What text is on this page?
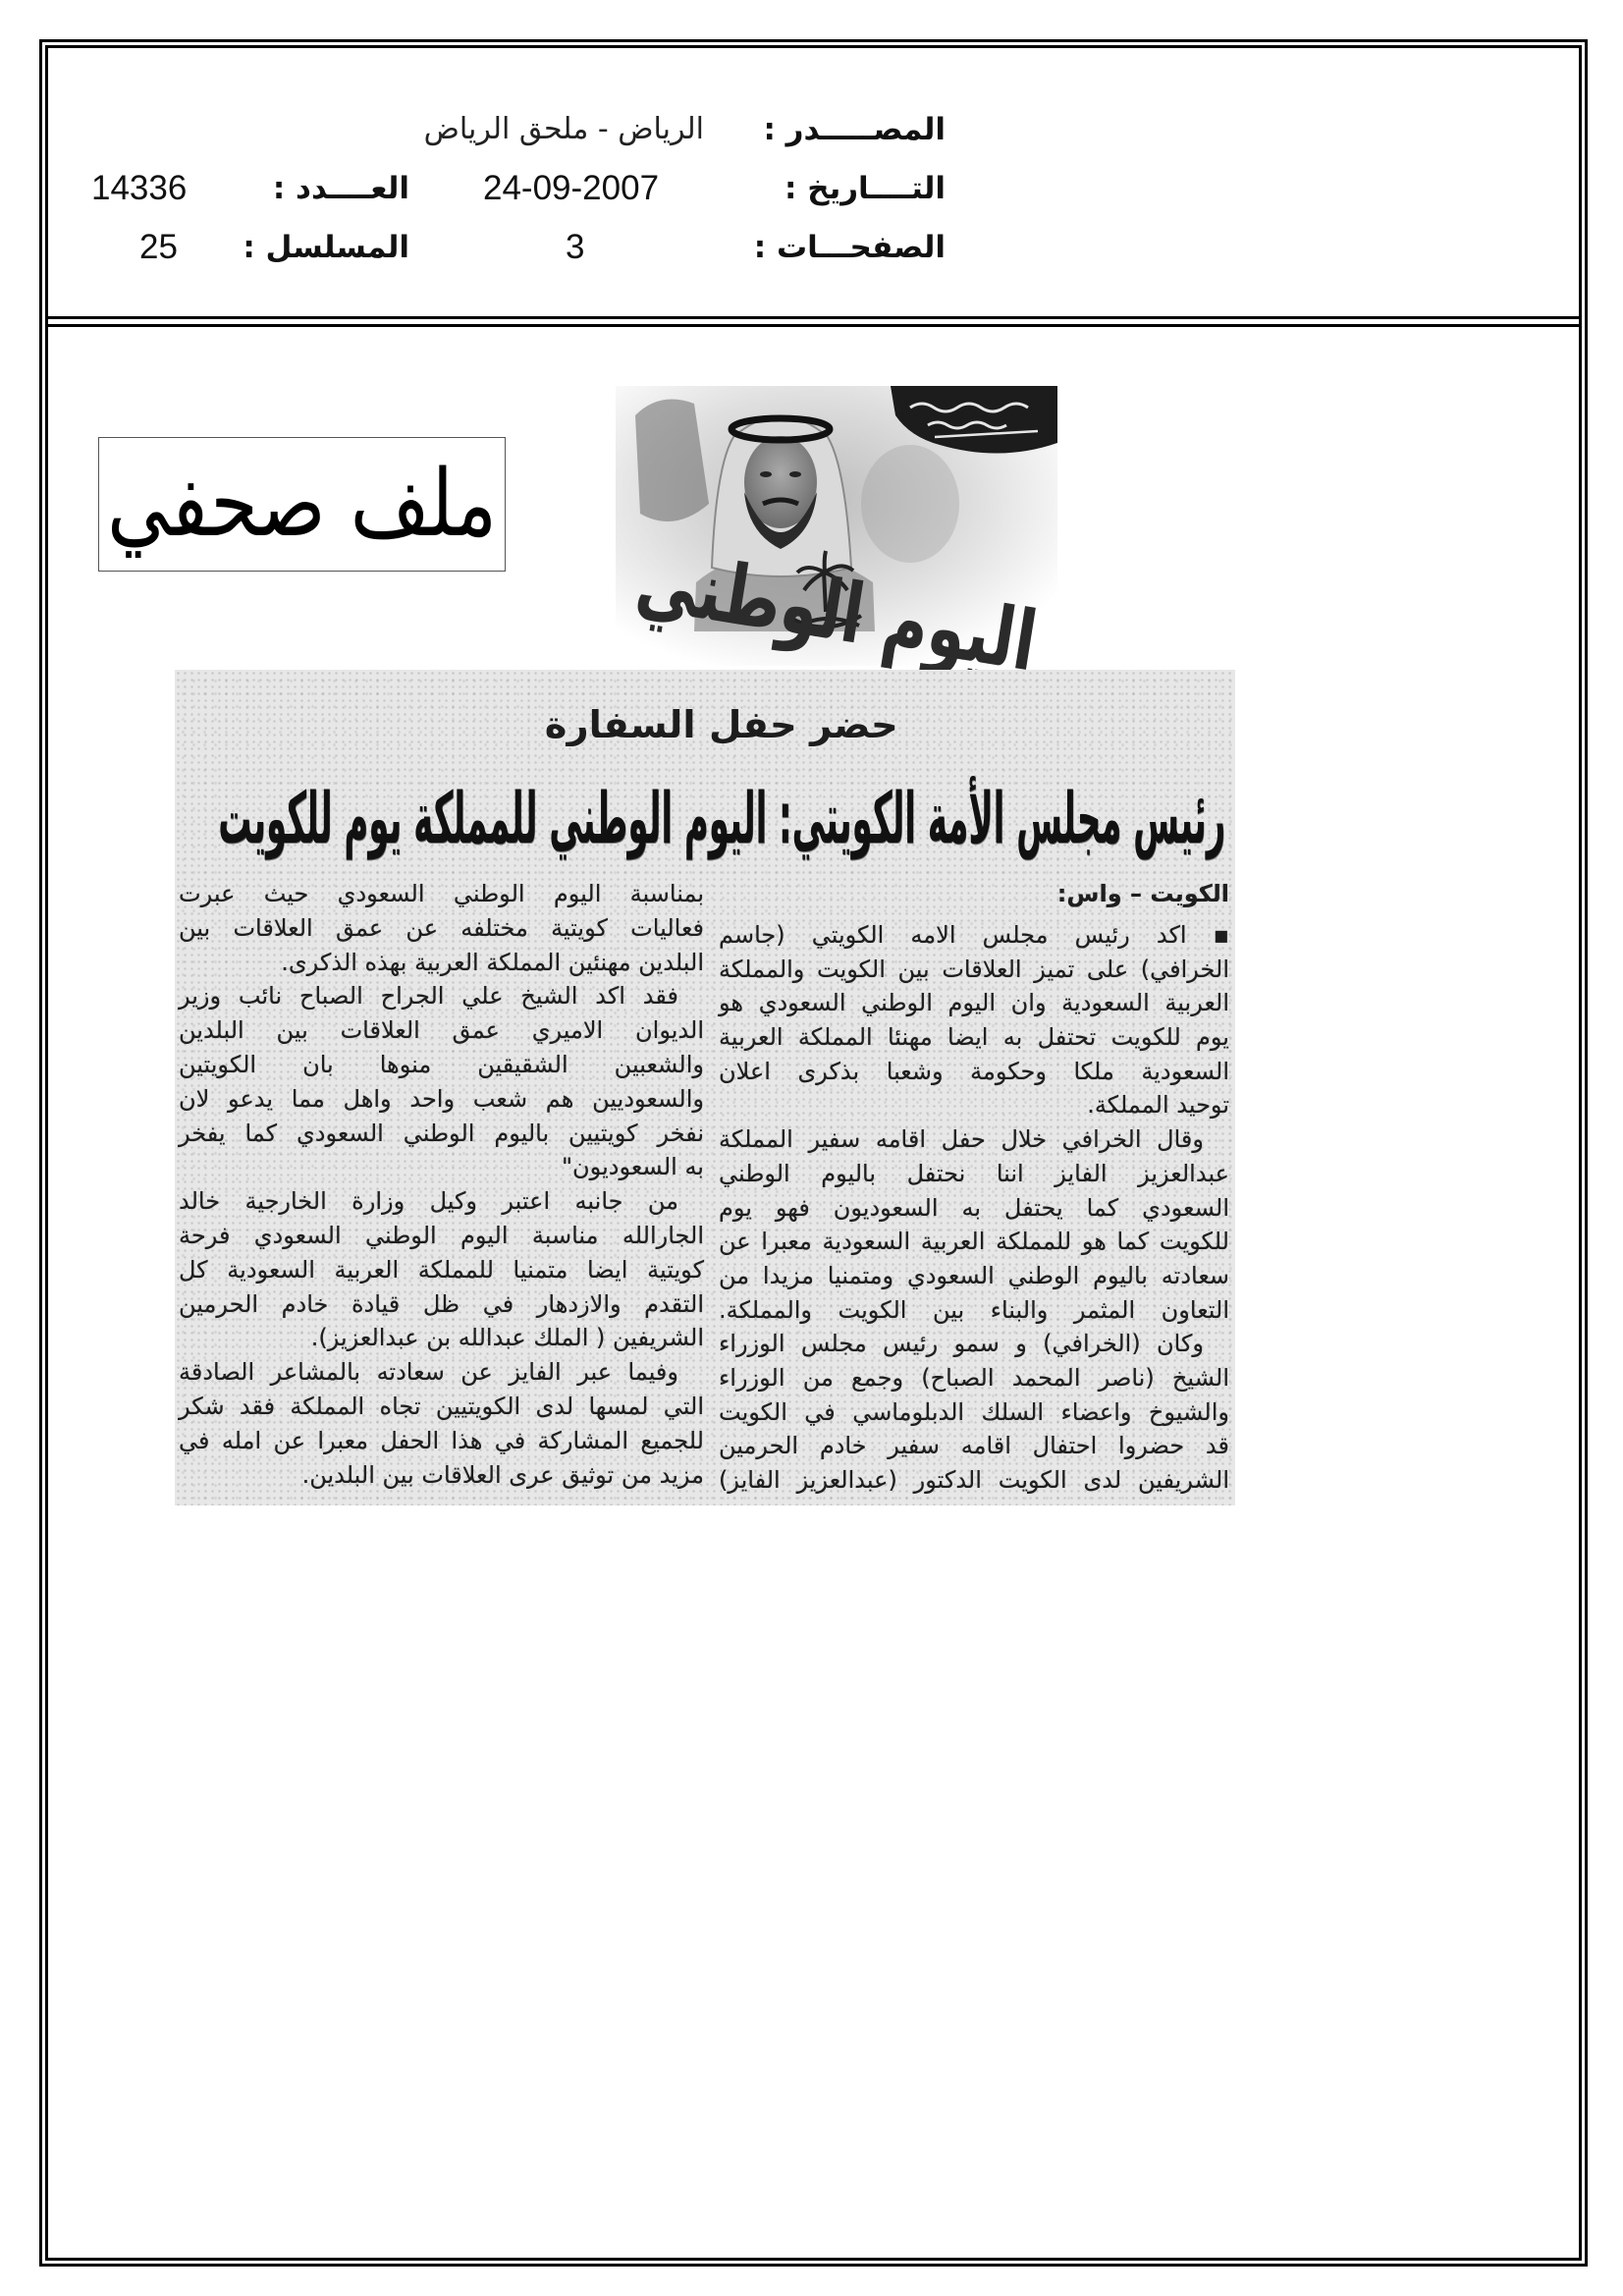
المصـــــدر :
الرياض - ملحق الرياض
التــــاريخ :
24-09-2007
العــــدد :
14336
الصفحـــات :
3
المسلسل :
25
ملف صحفي
اليوم الوطني
حضر حفل السفارة
رئيس مجلس الأمة الكويتي: اليوم الوطني للمملكة يوم للكويت
الكويت – واس:
▪ اكد رئيس مجلس الامه الكويتي (جاسم
الخرافي) على تميز العلاقات بين الكويت والمملكة
العربية السعودية وان اليوم الوطني السعودي هو
يوم للكويت تحتفل به ايضا مهنئا المملكة العربية
السعودية ملكا وحكومة وشعبا بذكرى اعلان
توحيد المملكة.
وقال الخرافي خلال حفل اقامه سفير المملكة
عبدالعزيز الفايز اننا نحتفل باليوم الوطني
السعودي كما يحتفل به السعوديون فهو يوم
للكويت كما هو للمملكة العربية السعودية معبرا عن
سعادته باليوم الوطني السعودي ومتمنيا مزيدا من
التعاون المثمر والبناء بين الكويت والمملكة.
وكان (الخرافي) و سمو رئيس مجلس الوزراء
الشيخ (ناصر المحمد الصباح) وجمع من الوزراء
والشيوخ واعضاء السلك الدبلوماسي في الكويت
قد حضروا احتفال اقامه سفير خادم الحرمين
الشريفين لدى الكويت الدكتور (عبدالعزيز الفايز)
بمناسبة اليوم الوطني السعودي حيث عبرت
فعاليات كويتية مختلفه عن عمق العلاقات بين
البلدين مهنئين المملكة العربية بهذه الذكرى.
فقد اكد الشيخ علي الجراح الصباح نائب وزير
الديوان الاميري عمق العلاقات بين البلدين
والشعبين الشقيقين منوها بان الكويتين
والسعوديين هم شعب واحد واهل مما يدعو لان
نفخر كويتيين باليوم الوطني السعودي كما يفخر
به السعوديون"
من جانبه اعتبر وكيل وزارة الخارجية خالد
الجارالله مناسبة اليوم الوطني السعودي فرحة
كويتية ايضا متمنيا للمملكة العربية السعودية كل
التقدم والازدهار في ظل قيادة خادم الحرمين
الشريفين ( الملك عبدالله بن عبدالعزيز).
وفيما عبر الفايز عن سعادته بالمشاعر الصادقة
التي لمسها لدى الكويتيين تجاه المملكة فقد شكر
للجميع المشاركة في هذا الحفل معبرا عن امله في
مزيد من توثيق عرى العلاقات بين البلدين.
